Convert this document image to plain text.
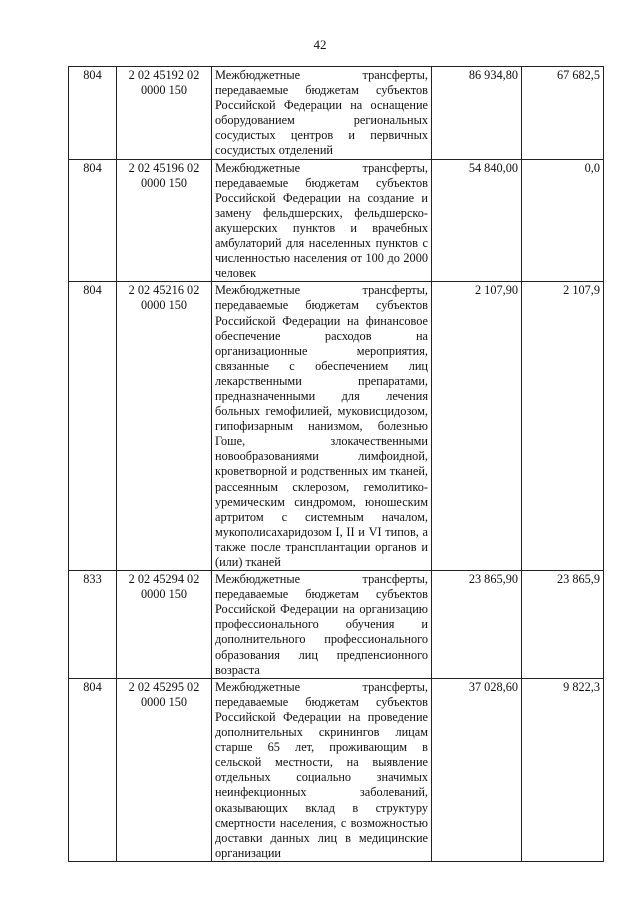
42
804	2 02 45192 02 0000 150	Межбюджетные трансферты, передаваемые бюджетам субъектов Российской Федерации на оснащение оборудованием региональных сосудистых центров и первичных сосудистых отделений	86 934,80	67 682,5
804	2 02 45196 02 0000 150	Межбюджетные трансферты, передаваемые бюджетам субъектов Российской Федерации на создание и замену фельдшерских, фельдшерско-акушерских пунктов и врачебных амбулаторий для населенных пунктов с численностью населения от 100 до 2000 человек	54 840,00	0,0
804	2 02 45216 02 0000 150	Межбюджетные трансферты, передаваемые бюджетам субъектов Российской Федерации на финансовое обеспечение расходов на организационные мероприятия, связанные с обеспечением лиц лекарственными препаратами, предназначенными для лечения больных гемофилией, муковисцидозом, гипофизарным нанизмом, болезнью Гоше, злокачественными новообразованиями лимфоидной, кроветворной и родственных им тканей, рассеянным склерозом, гемолитико-уремическим синдромом, юношеским артритом с системным началом, мукополисахаридозом I, II и VI типов, а также после трансплантации органов и (или) тканей	2 107,90	2 107,9
833	2 02 45294 02 0000 150	Межбюджетные трансферты, передаваемые бюджетам субъектов Российской Федерации на организацию профессионального обучения и дополнительного профессионального образования лиц предпенсионного возраста	23 865,90	23 865,9
804	2 02 45295 02 0000 150	Межбюджетные трансферты, передаваемые бюджетам субъектов Российской Федерации на проведение дополнительных скринингов лицам старше 65 лет, проживающим в сельской местности, на выявление отдельных социально значимых неинфекционных заболеваний, оказывающих вклад в структуру смертности населения, с возможностью доставки данных лиц в медицинские организации	37 028,60	9 822,3
